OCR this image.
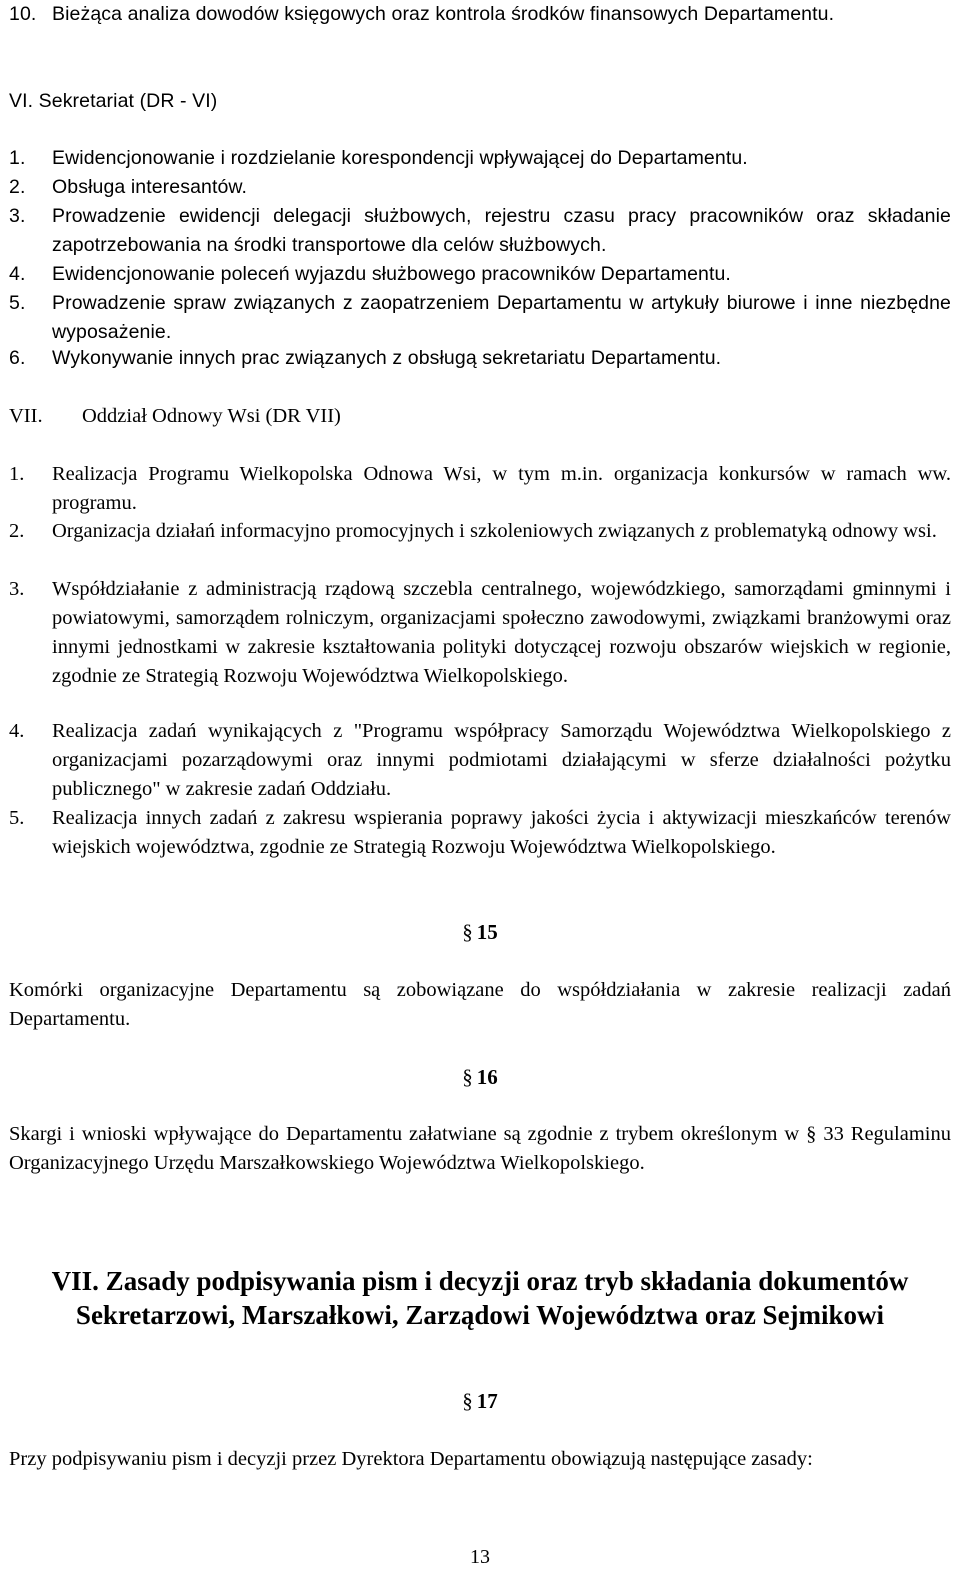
10. Bieżąca analiza dowodów księgowych oraz kontrola środków finansowych Departamentu.
VI. Sekretariat (DR - VI)
1. Ewidencjonowanie i rozdzielanie korespondencji wpływającej do Departamentu.
2. Obsługa interesantów.
3. Prowadzenie ewidencji delegacji służbowych, rejestru czasu pracy pracowników oraz składanie zapotrzebowania na środki transportowe dla celów służbowych.
4. Ewidencjonowanie poleceń wyjazdu służbowego pracowników Departamentu.
5. Prowadzenie spraw związanych z zaopatrzeniem Departamentu w artykuły biurowe i inne niezbędne wyposażenie.
6. Wykonywanie innych prac związanych z obsługą sekretariatu Departamentu.
VII. Oddział Odnowy Wsi (DR VII)
1. Realizacja Programu Wielkopolska Odnowa Wsi, w tym m.in. organizacja konkursów w ramach ww. programu.
2. Organizacja działań informacyjno promocyjnych i szkoleniowych związanych z problematyką odnowy wsi.
3. Współdziałanie z administracją rządową szczebla centralnego, wojewódzkiego, samorządami gminnymi i powiatowymi, samorządem rolniczym, organizacjami społeczno zawodowymi, związkami branżowymi oraz innymi jednostkami w zakresie kształtowania polityki dotyczącej rozwoju obszarów wiejskich w regionie, zgodnie ze Strategią Rozwoju Województwa Wielkopolskiego.
4. Realizacja zadań wynikających z "Programu współpracy Samorządu Województwa Wielkopolskiego z organizacjami pozarządowymi oraz innymi podmiotami działającymi w sferze działalności pożytku publicznego" w zakresie zadań Oddziału.
5. Realizacja innych zadań z zakresu wspierania poprawy jakości życia i aktywizacji mieszkańców terenów wiejskich województwa, zgodnie ze Strategią Rozwoju Województwa Wielkopolskiego.
§ 15
Komórki organizacyjne Departamentu są zobowiązane do współdziałania w zakresie realizacji zadań Departamentu.
§ 16
Skargi i wnioski wpływające do Departamentu załatwiane są zgodnie z trybem określonym w § 33 Regulaminu Organizacyjnego Urzędu Marszałkowskiego Województwa Wielkopolskiego.
VII. Zasady podpisywania pism i decyzji oraz tryb składania dokumentów
Sekretarzowi, Marszałkowi, Zarządowi Województwa oraz Sejmikowi
§ 17
Przy podpisywaniu pism i decyzji przez Dyrektora Departamentu obowiązują następujące zasady:
13
